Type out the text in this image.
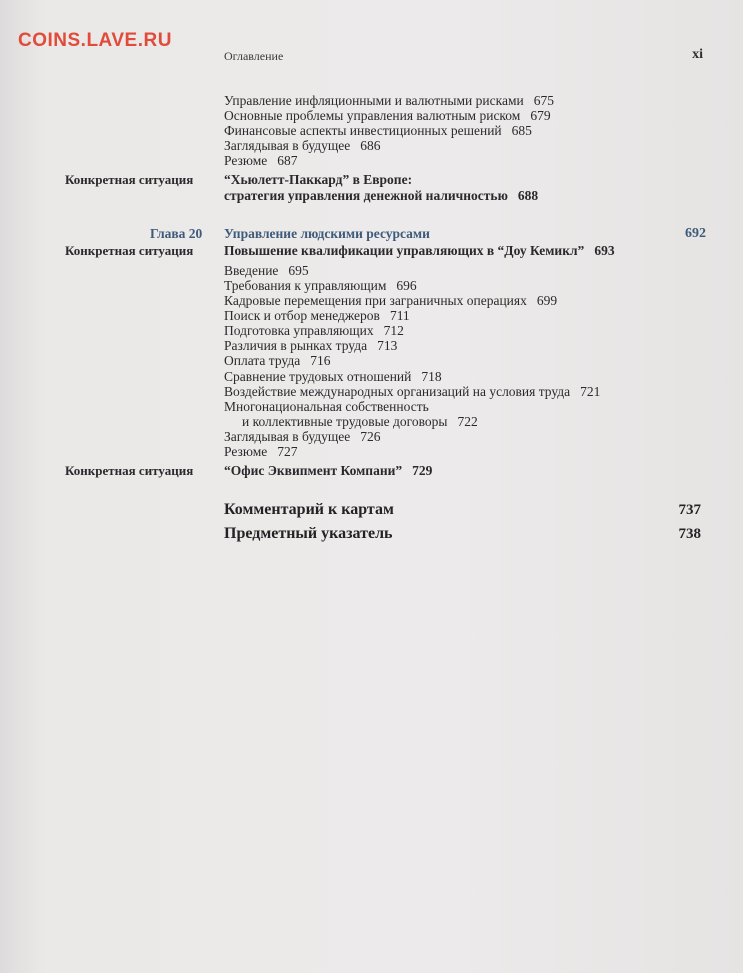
COINS.LAVE.RU
Оглавление	xi
Управление инфляционными и валютными рисками 675
Основные проблемы управления валютным риском 679
Финансовые аспекты инвестиционных решений 685
Заглядывая в будущее 686
Резюме 687
Конкретная ситуация	“Хьюлетт-Паккард” в Европе:
стратегия управления денежной наличностью 688
Глава 20 Управление людскими ресурсами	692
Конкретная ситуация	Повышение квалификации управляющих в “Доу Кемикл” 693
Введение 695
Требования к управляющим 696
Кадровые перемещения при заграничных операциях 699
Поиск и отбор менеджеров 711
Подготовка управляющих 712
Различия в рынках труда 713
Оплата труда 716
Сравнение трудовых отношений 718
Воздействие международных организаций на условия труда 721
Многонациональная собственность
и коллективные трудовые договоры 722
Заглядывая в будущее 726
Резюме 727
Конкретная ситуация	“Офис Эквипмент Компани” 729
Комментарий к картам	737
Предметный указатель	738
